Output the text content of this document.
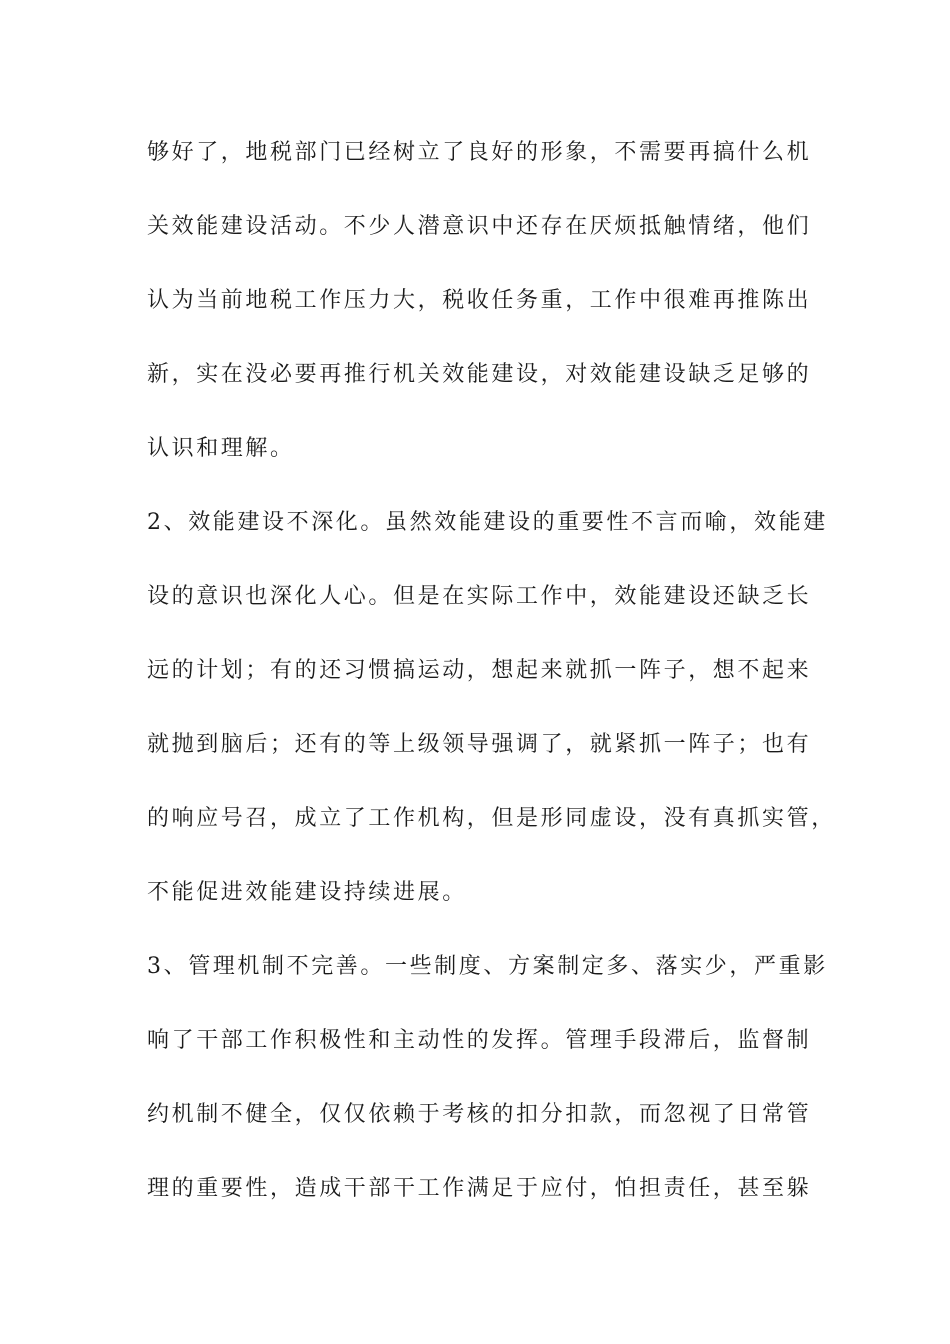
够好了，地税部门已经树立了良好的形象，不需要再搞什么机
关效能建设活动。不少人潜意识中还存在厌烦抵触情绪，他们
认为当前地税工作压力大，税收任务重，工作中很难再推陈出
新，实在没必要再推行机关效能建设，对效能建设缺乏足够的
认识和理解。
2、效能建设不深化。虽然效能建设的重要性不言而喻，效能建
设的意识也深化人心。但是在实际工作中，效能建设还缺乏长
远的计划；有的还习惯搞运动，想起来就抓一阵子，想不起来
就抛到脑后；还有的等上级领导强调了，就紧抓一阵子；也有
的响应号召，成立了工作机构，但是形同虚设，没有真抓实管，
不能促进效能建设持续进展。
3、管理机制不完善。一些制度、方案制定多、落实少，严重影
响了干部工作积极性和主动性的发挥。管理手段滞后，监督制
约机制不健全，仅仅依赖于考核的扣分扣款，而忽视了日常管
理的重要性，造成干部干工作满足于应付，怕担责任，甚至躲
